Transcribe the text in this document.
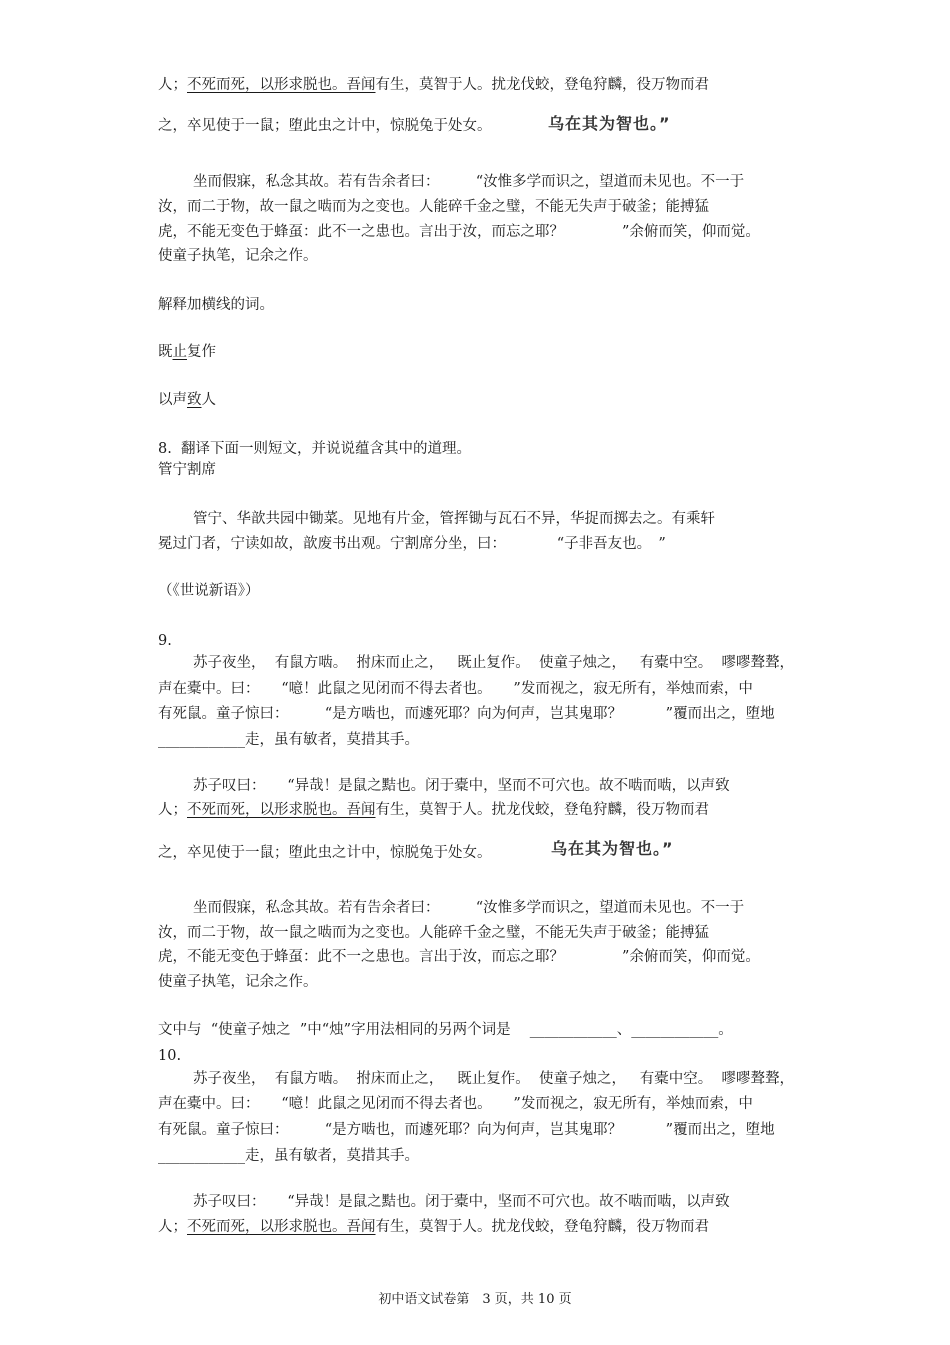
人；不死而死，以形求脱也。吾闻有生，莫智于人。扰龙伐蛟，登龟狩麟，役万物而君
之，卒见使于一鼠；堕此虫之计中，惊脱兔于处女。	乌在其为智也。”
坐而假寐，私念其故。若有告余者曰：　　　“汝惟多学而识之，望道而未见也。不一于
汝，而二于物，故一鼠之啮而为之变也。人能碎千金之璧，不能无失声于破釜；能搏猛
虎，不能无变色于蜂虿：此不一之患也。言出于汝，而忘之耶？　　　　”余俯而笑，仰而觉。
使童子执笔，记余之作。
解释加横线的词。
既止复作
以声致人
8.  翻译下面一则短文，并说说蕴含其中的道理。
管宁割席
管宁、华歆共园中锄菜。见地有片金，管挥锄与瓦石不异，华捉而掷去之。有乘轩
冕过门者，宁读如故，歆废书出观。宁割席分坐，曰：　　　　“子非吾友也。　”
（《世说新语》）
9.
苏子夜坐，  有鼠方啮。  拊床而止之，   既止复作。  使童子烛之，   有橐中空。  嘐嘐聱聱，
声在橐中。曰：　　“噫！此鼠之见闭而不得去者也。　　”发而视之，寂无所有，举烛而索，中
有死鼠。童子惊曰：　　　“是方啮也，而遽死耶？向为何声，岂其鬼耶？　　　”覆而出之，堕地
____________走，虽有敏者，莫措其手。
苏子叹曰：　　“异哉！是鼠之黠也。闭于橐中，坚而不可穴也。故不啮而啮，以声致
人；不死而死，以形求脱也。吾闻有生，莫智于人。扰龙伐蛟，登龟狩麟，役万物而君
之，卒见使于一鼠；堕此虫之计中，惊脱兔于处女。	乌在其为智也。”
坐而假寐，私念其故。若有告余者曰：　　　“汝惟多学而识之，望道而未见也。不一于
汝，而二于物，故一鼠之啮而为之变也。人能碎千金之璧，不能无失声于破釜；能搏猛
虎，不能无变色于蜂虿：此不一之患也。言出于汝，而忘之耶？　　　　”余俯而笑，仰而觉。
使童子执笔，记余之作。
文中与  “使童子烛之  ”中“烛”字用法相同的另两个词是　 ____________、____________。
10.
苏子夜坐，  有鼠方啮。  拊床而止之，   既止复作。  使童子烛之，   有橐中空。  嘐嘐聱聱，
声在橐中。曰：　　“噫！此鼠之见闭而不得去者也。　　”发而视之，寂无所有，举烛而索，中
有死鼠。童子惊曰：　　　“是方啮也，而遽死耶？向为何声，岂其鬼耶？　　　”覆而出之，堕地
____________走，虽有敏者，莫措其手。
苏子叹曰：　　“异哉！是鼠之黠也。闭于橐中，坚而不可穴也。故不啮而啮，以声致
人；不死而死，以形求脱也。吾闻有生，莫智于人。扰龙伐蛟，登龟狩麟，役万物而君
初中语文试卷第　3 页，共 10 页
